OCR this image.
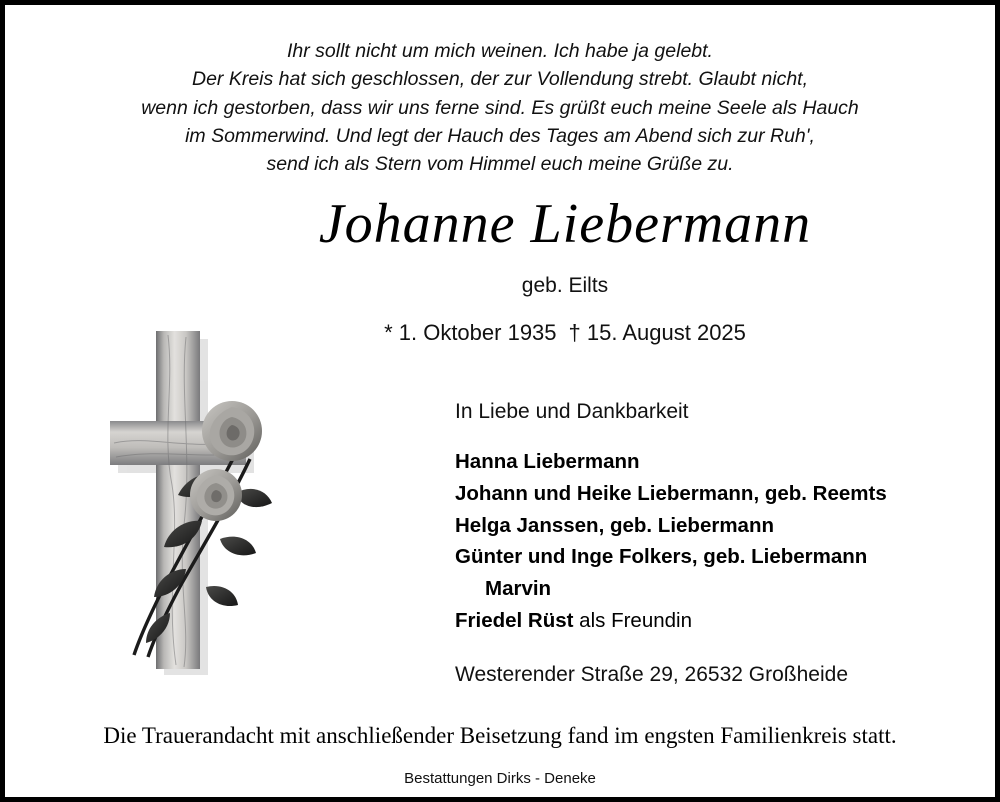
Ihr sollt nicht um mich weinen. Ich habe ja gelebt.
Der Kreis hat sich geschlossen, der zur Vollendung strebt. Glaubt nicht,
wenn ich gestorben, dass wir uns ferne sind. Es grüßt euch meine Seele als Hauch
im Sommerwind. Und legt der Hauch des Tages am Abend sich zur Ruh',
send ich als Stern vom Himmel euch meine Grüße zu.
Johanne Liebermann
geb. Eilts
* 1. Oktober 1935 † 15. August 2025
In Liebe und Dankbarkeit
Hanna Liebermann
Johann und Heike Liebermann, geb. Reemts
Helga Janssen, geb. Liebermann
Günter und Inge Folkers, geb. Liebermann
Marvin
Friedel Rüst als Freundin
Westerender Straße 29, 26532 Großheide
Die Trauerandacht mit anschließender Beisetzung fand im engsten Familienkreis statt.
Bestattungen Dirks - Deneke
